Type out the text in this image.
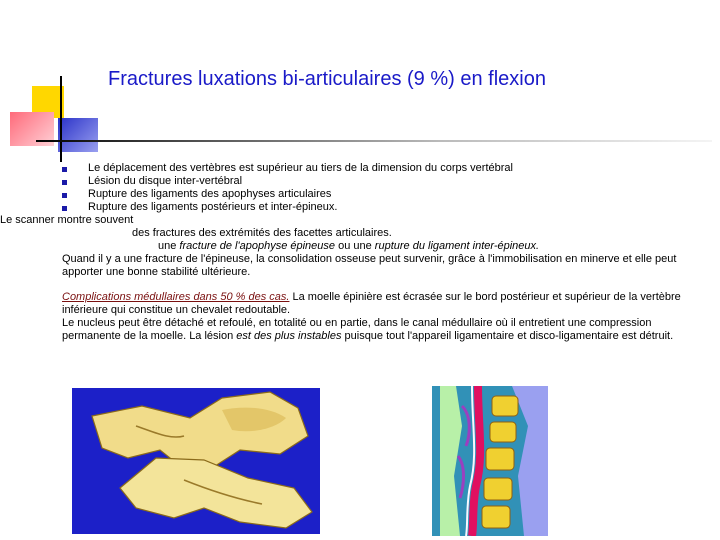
Fractures luxations bi-articulaires (9 %) en flexion
Le déplacement des vertèbres est supérieur au tiers de la dimension du corps vertébral
Lésion du disque inter-vertébral
Rupture des ligaments des apophyses articulaires
Rupture des ligaments postérieurs et inter-épineux.
Le scanner montre souvent
des fractures des extrémités des facettes articulaires.
une fracture de l'apophyse épineuse ou une rupture du ligament inter-épineux.
Quand il y a une fracture de l'épineuse, la consolidation osseuse peut survenir, grâce à l'immobilisation en minerve et elle peut apporter une bonne stabilité ultérieure.
Complications médullaires dans 50 % des cas. La moelle épinière est écrasée sur le bord postérieur et supérieur de la vertèbre inférieure qui constitue un chevalet redoutable.
Le nucleus peut être détaché et refoulé, en totalité ou en partie, dans le canal médullaire où il entretient une compression permanente de la moelle. La lésion est des plus instables puisque tout l'appareil ligamentaire et disco-ligamentaire est détruit.
